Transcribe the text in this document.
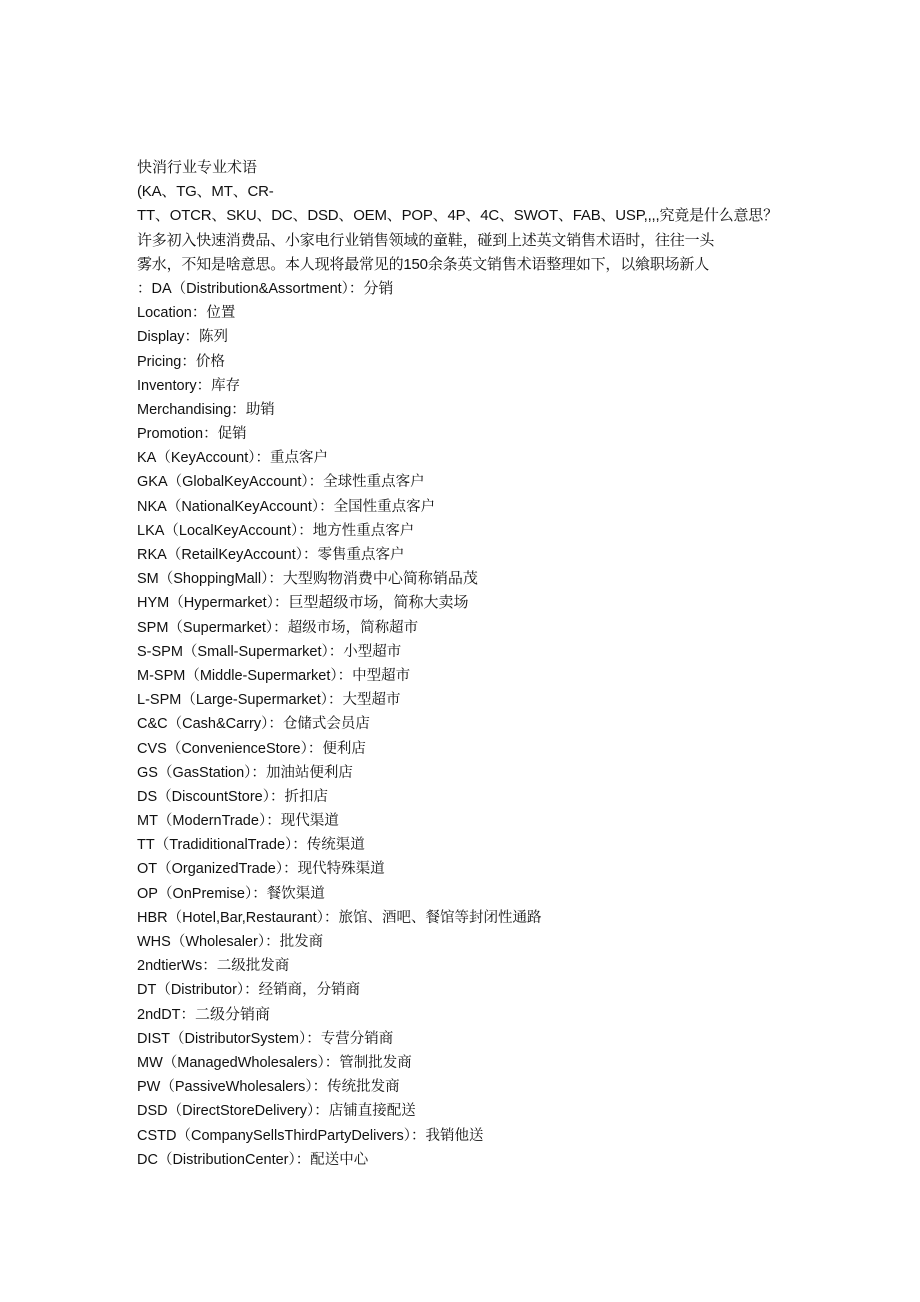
快消行业专业术语
(KA、TG、MT、CR-
TT、OTCR、SKU、DC、DSD、OEM、POP、4P、4C、SWOT、FAB、USP,,,,究竟是什么意思？
许多初入快速消费品、小家电行业销售领域的童鞋，碰到上述英文销售术语时，往往一头
雾水，不知是啥意思。本人现将最常见的150余条英文销售术语整理如下，以飨职场新人
：DA（Distribution&Assortment）：分销
Location：位置
Display：陈列
Pricing：价格
Inventory：库存
Merchandising：助销
Promotion：促销
KA（KeyAccount）：重点客户
GKA（GlobalKeyAccount）：全球性重点客户
NKA（NationalKeyAccount）：全国性重点客户
LKA（LocalKeyAccount）：地方性重点客户
RKA（RetailKeyAccount）：零售重点客户
SM（ShoppingMall）：大型购物消费中心简称销品茂
HYM（Hypermarket）：巨型超级市场，简称大卖场
SPM（Supermarket）：超级市场，简称超市
S-SPM（Small-Supermarket）：小型超市
M-SPM（Middle-Supermarket）：中型超市
L-SPM（Large-Supermarket）：大型超市
C&C（Cash&Carry）：仓储式会员店
CVS（ConvenienceStore）：便利店
GS（GasStation）：加油站便利店
DS（DiscountStore）：折扣店
MT（ModernTrade）：现代渠道
TT（TradiditionalTrade）：传统渠道
OT（OrganizedTrade）：现代特殊渠道
OP（OnPremise）：餐饮渠道
HBR（Hotel,Bar,Restaurant）：旅馆、酒吧、餐馆等封闭性通路
WHS（Wholesaler）：批发商
2ndtierWs：二级批发商
DT（Distributor）：经销商，分销商
2ndDT：二级分销商
DIST（DistributorSystem）：专营分销商
MW（ManagedWholesalers）：管制批发商
PW（PassiveWholesalers）：传统批发商
DSD（DirectStoreDelivery）：店铺直接配送
CSTD（CompanySellsThirdPartyDelivers）：我销他送
DC（DistributionCenter）：配送中心
